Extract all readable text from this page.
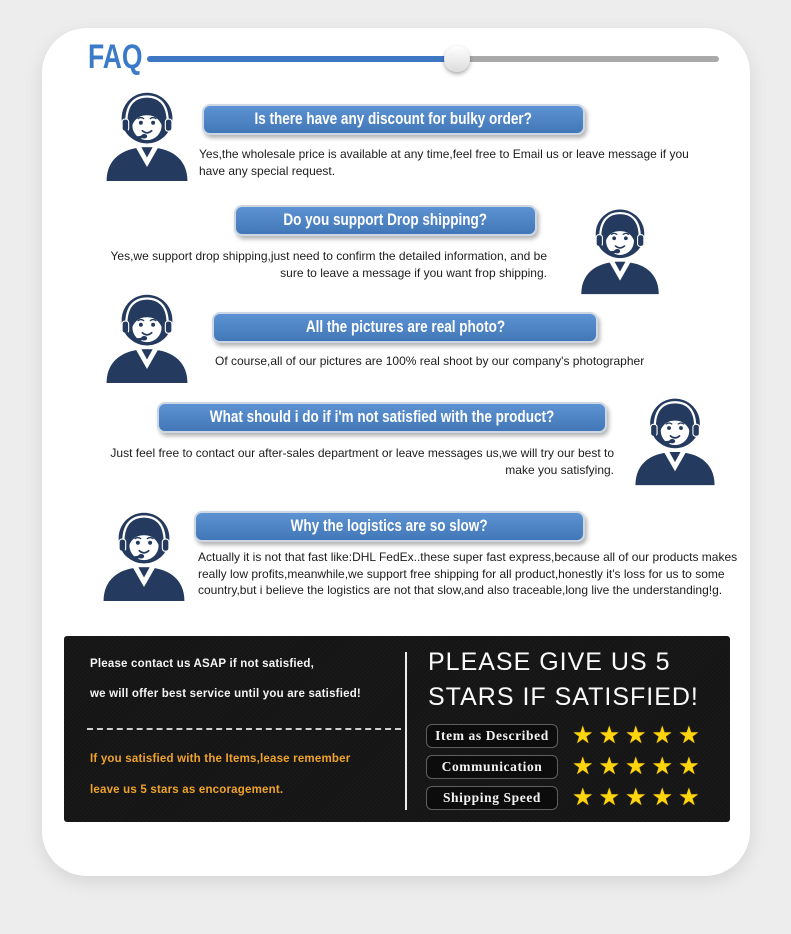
FAQ
Is there have any discount for bulky order?

Yes,the wholesale price is available at any time,feel free to Email us or leave message if you have any special request.

Do you support Drop shipping?

Yes,we support drop shipping,just need to confirm the detailed information, and be sure to leave a message if you want frop shipping.

All the pictures are real photo?

Of course,all of our pictures are 100% real shoot by our company's photographer

What should i do if i'm not satisfied with the product?

Just feel free to contact our after-sales department or leave messages us,we will try our best to make you satisfying.

Why the logistics are so slow?

Actually it is not that fast like:DHL FedEx..these super fast express,because all of our products makes really low profits,meanwhile,we support free shipping for all product,honestly it's loss for us to some country,but i believe the logistics are not that slow,and also traceable,long live the understanding!g.

Please contact us ASAP if not satisfied,

we will offer best service until you are satisfied!

If you satisfied with the Items,lease remember

leave us 5 stars as encoragement.

PLEASE GIVE US 5

STARS IF SATISFIED!

Item as Described ★★★★★
Communication	★★★★★
Shipping Speed	★★★★★
